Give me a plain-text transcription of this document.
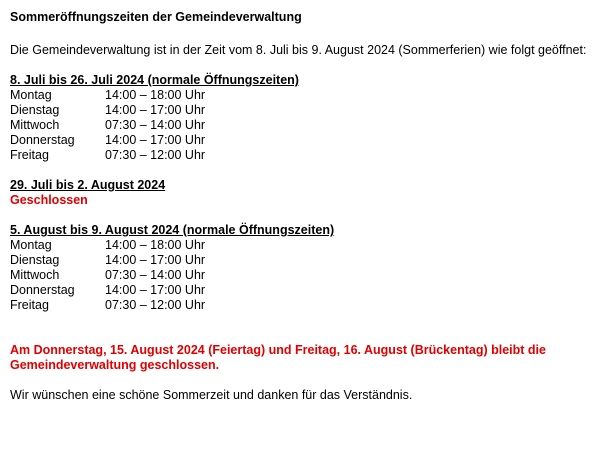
Sommeröffnungszeiten der Gemeindeverwaltung
Die Gemeindeverwaltung ist in der Zeit vom 8. Juli bis 9. August 2024 (Sommerferien) wie folgt geöffnet:
8. Juli bis 26. Juli 2024 (normale Öffnungszeiten)
Montag	14:00 – 18:00 Uhr
Dienstag	14:00 – 17:00 Uhr
Mittwoch	07:30 – 14:00 Uhr
Donnerstag	14:00 – 17:00 Uhr
Freitag	07:30 – 12:00 Uhr
29. Juli bis 2. August 2024
Geschlossen
5. August bis 9. August 2024 (normale Öffnungszeiten)
Montag	14:00 – 18:00 Uhr
Dienstag	14:00 – 17:00 Uhr
Mittwoch	07:30 – 14:00 Uhr
Donnerstag	14:00 – 17:00 Uhr
Freitag	07:30 – 12:00 Uhr
Am Donnerstag, 15. August 2024 (Feiertag) und Freitag, 16. August (Brückentag) bleibt die Gemeindeverwaltung geschlossen.
Wir wünschen eine schöne Sommerzeit und danken für das Verständnis.
